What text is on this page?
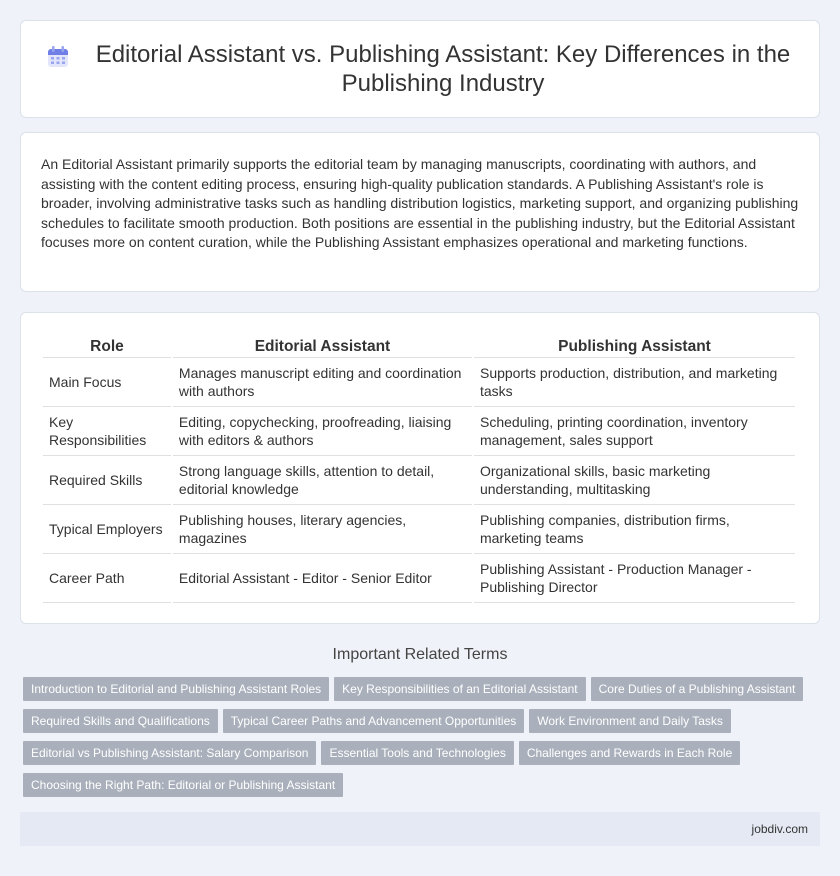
Editorial Assistant vs. Publishing Assistant: Key Differences in the Publishing Industry

An Editorial Assistant primarily supports the editorial team by managing manuscripts, coordinating with authors, and assisting with the content editing process, ensuring high-quality publication standards. A Publishing Assistant's role is broader, involving administrative tasks such as handling distribution logistics, marketing support, and organizing publishing schedules to facilitate smooth production. Both positions are essential in the publishing industry, but the Editorial Assistant focuses more on content curation, while the Publishing Assistant emphasizes operational and marketing functions.

Role	Editorial Assistant	Publishing Assistant
Main Focus	Manages manuscript editing and coordination with authors	Supports production, distribution, and marketing tasks
Key Responsibilities	Editing, copychecking, proofreading, liaising with editors & authors	Scheduling, printing coordination, inventory management, sales support
Required Skills	Strong language skills, attention to detail, editorial knowledge	Organizational skills, basic marketing understanding, multitasking
Typical Employers	Publishing houses, literary agencies, magazines	Publishing companies, distribution firms, marketing teams
Career Path	Editorial Assistant - Editor - Senior Editor	Publishing Assistant - Production Manager - Publishing Director
Important Related Terms
Introduction to Editorial and Publishing Assistant Roles	Key Responsibilities of an Editorial Assistant	Core Duties of a Publishing Assistant
Required Skills and Qualifications	Typical Career Paths and Advancement Opportunities	Work Environment and Daily Tasks
Editorial vs Publishing Assistant: Salary Comparison	Essential Tools and Technologies	Challenges and Rewards in Each Role
Choosing the Right Path: Editorial or Publishing Assistant
jobdiv.com
